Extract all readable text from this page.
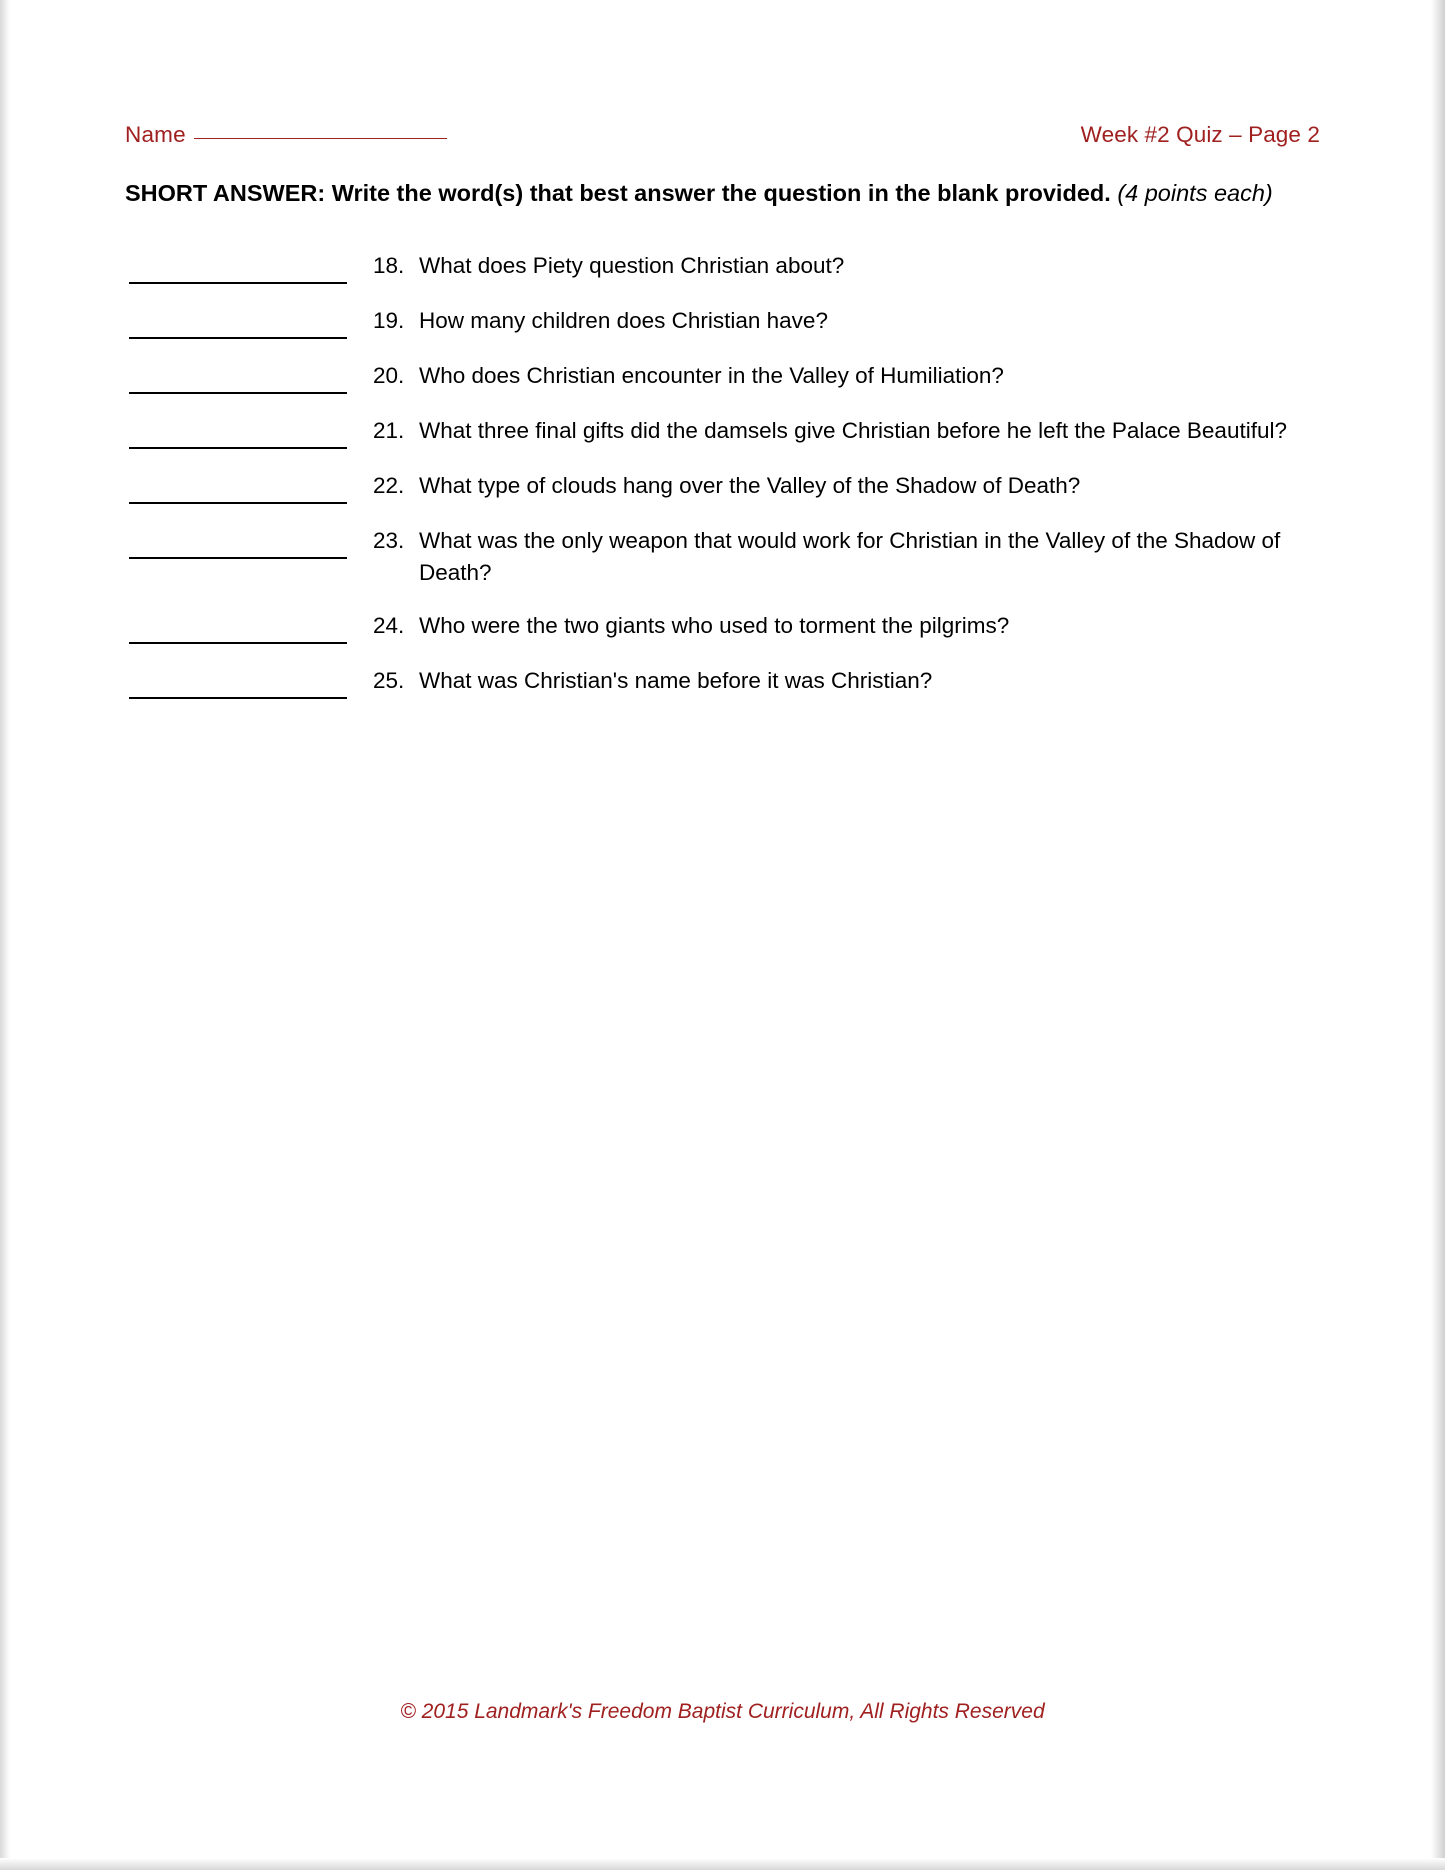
Name	Week #2 Quiz – Page 2
SHORT ANSWER: Write the word(s) that best answer the question in the blank provided. (4 points each)
18. What does Piety question Christian about?
19. How many children does Christian have?
20. Who does Christian encounter in the Valley of Humiliation?
21. What three final gifts did the damsels give Christian before he left the Palace Beautiful?
22. What type of clouds hang over the Valley of the Shadow of Death?
23. What was the only weapon that would work for Christian in the Valley of the Shadow of Death?
24. Who were the two giants who used to torment the pilgrims?
25. What was Christian's name before it was Christian?
© 2015 Landmark's Freedom Baptist Curriculum, All Rights Reserved
